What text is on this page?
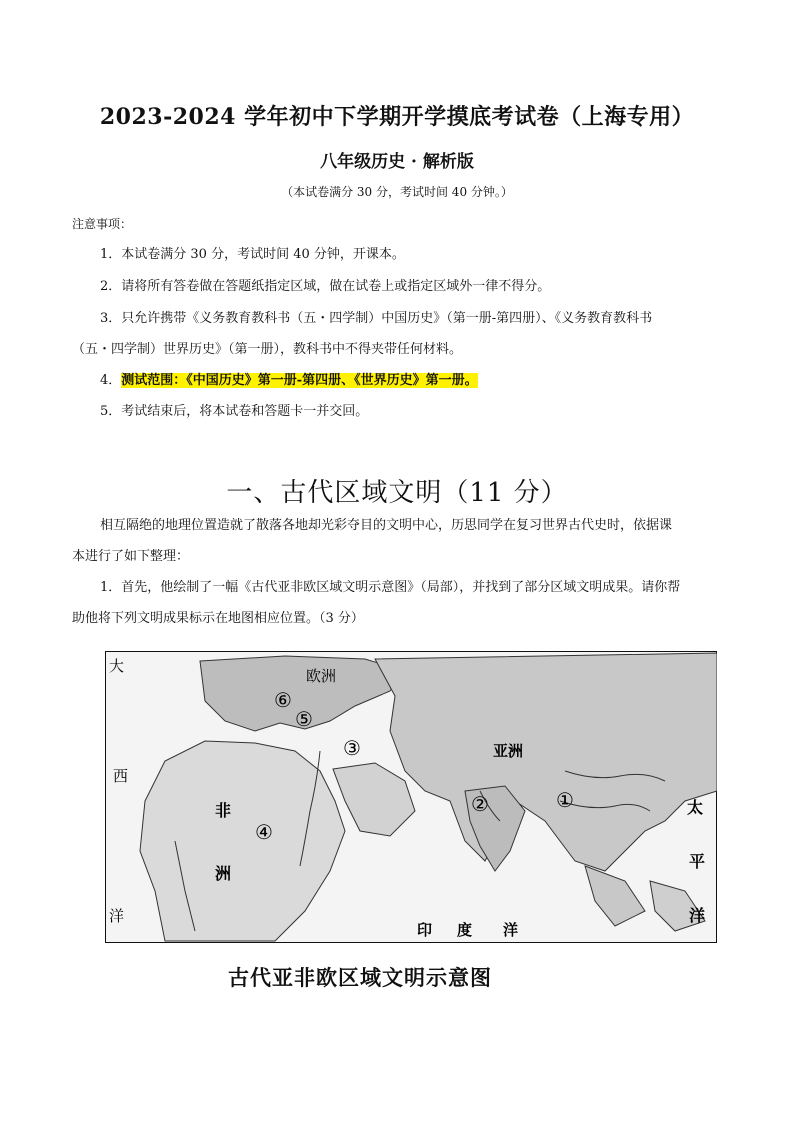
2023-2024 学年初中下学期开学摸底考试卷（上海专用）
八年级历史 · 解析版
（本试卷满分 30 分，考试时间 40 分钟。）
注意事项：
1．本试卷满分 30 分，考试时间 40 分钟，开课本。
2．请将所有答卷做在答题纸指定区域，做在试卷上或指定区域外一律不得分。
3．只允许携带《义务教育教科书（五・四学制）中国历史》（第一册-第四册）、《义务教育教科书
（五・四学制）世界历史》（第一册），教科书中不得夹带任何材料。
4．测试范围：《中国历史》第一册-第四册、《世界历史》第一册。
5．考试结束后，将本试卷和答题卡一并交回。
一、古代区域文明（11 分）
相互隔绝的地理位置造就了散落各地却光彩夺目的文明中心，历思同学在复习世界古代史时，依据课
本进行了如下整理：
1．首先，他绘制了一幅《古代亚非欧区域文明示意图》（局部），并找到了部分区域文明成果。请你帮
助他将下列文明成果标示在地图相应位置。（3 分）
大
西
洋
欧洲
亚洲
非
洲
太
平
洋
印 度 洋
①
②
③
④
⑤
⑥
古代亚非欧区域文明示意图
